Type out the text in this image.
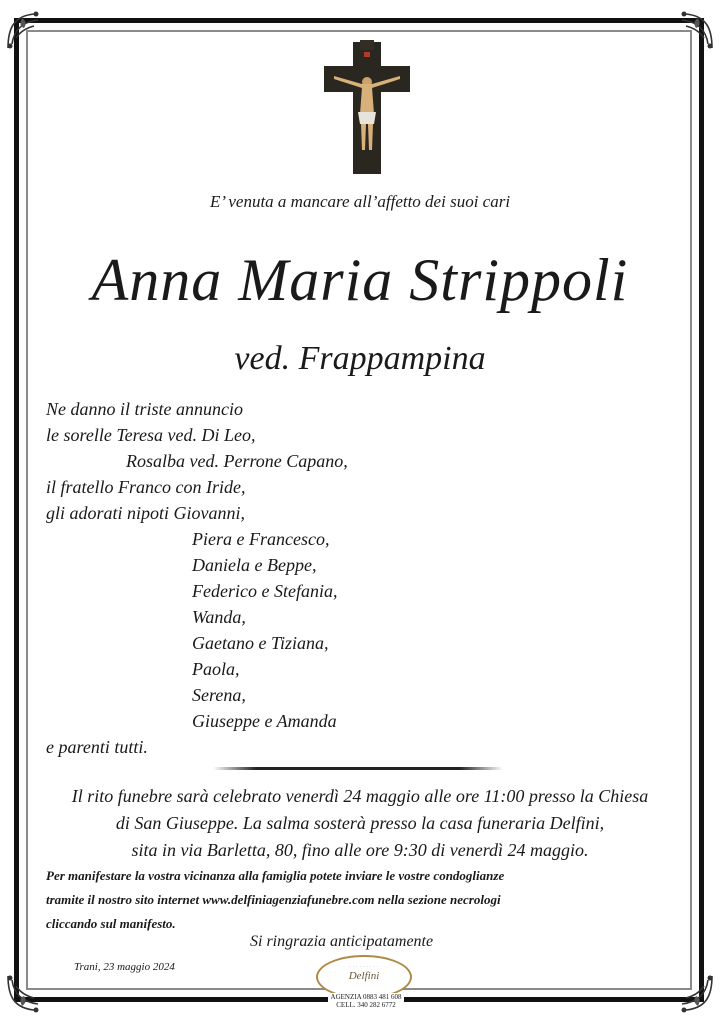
E’ venuta a mancare all’affetto dei suoi cari
Anna Maria Strippoli
ved. Frappampina
Ne danno il triste annuncio
le sorelle Teresa ved. Di Leo,
Rosalba ved. Perrone Capano,
il fratello Franco con Iride,
gli adorati nipoti Giovanni,
Piera e Francesco,
Daniela e Beppe,
Federico e Stefania,
Wanda,
Gaetano e Tiziana,
Paola,
Serena,
Giuseppe e Amanda
e parenti tutti.
Il rito funebre sarà celebrato venerdì 24 maggio alle ore 11:00 presso la Chiesa
di San Giuseppe. La salma sosterà presso la casa funeraria Delfini,
sita in via Barletta, 80, fino alle ore 9:30 di venerdì 24 maggio.
Per manifestare la vostra vicinanza alla famiglia potete inviare le vostre condoglianze
tramite il nostro sito internet www.delfiniagenziafunebre.com nella sezione necrologi
cliccando sul manifesto.
Si ringrazia anticipatamente
Trani, 23 maggio 2024	· · · · · · · · ·
Delfini
AGENZIA 0883 481 608
CELL. 340 282 6772
